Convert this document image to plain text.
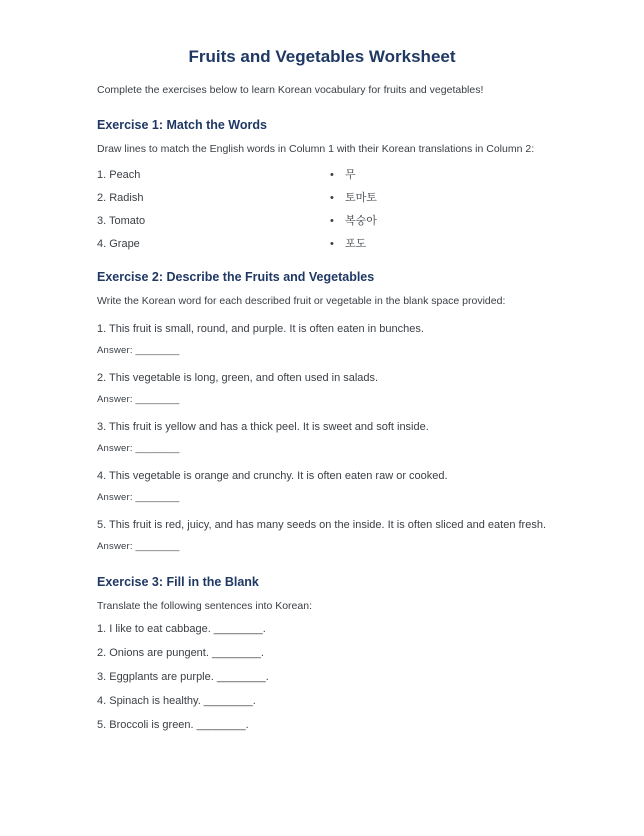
Fruits and Vegetables Worksheet

Complete the exercises below to learn Korean vocabulary for fruits and vegetables!

Exercise 1: Match the Words

Draw lines to match the English words in Column 1 with their Korean translations in Column 2:

1. Peach •	무
2. Radish •	토마토
3. Tomato •	복숭아
4. Grape •	포도
Exercise 2: Describe the Fruits and Vegetables

Write the Korean word for each described fruit or vegetable in the blank space provided:

1. This fruit is small, round, and purple. It is often eaten in bunches.

Answer: ________

2. This vegetable is long, green, and often used in salads.

Answer: ________

3. This fruit is yellow and has a thick peel. It is sweet and soft inside.

Answer: ________

4. This vegetable is orange and crunchy. It is often eaten raw or cooked.

Answer: ________

5. This fruit is red, juicy, and has many seeds on the inside. It is often sliced and eaten fresh.

Answer: ________

Exercise 3: Fill in the Blank

Translate the following sentences into Korean:

1. I like to eat cabbage. ________.

2. Onions are pungent. ________.

3. Eggplants are purple. ________.

4. Spinach is healthy. ________.

5. Broccoli is green. ________.
